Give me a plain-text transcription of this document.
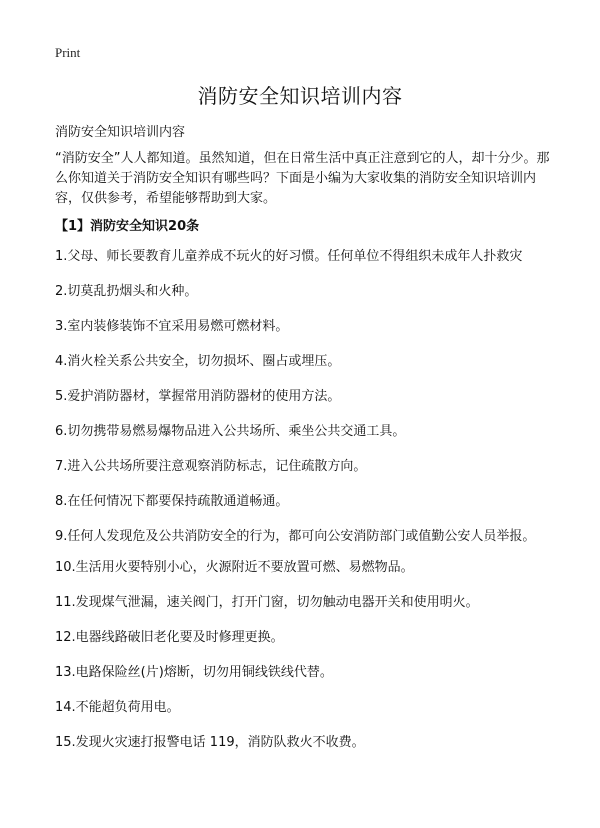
Print
消防安全知识培训内容

消防安全知识培训内容

“消防安全”人人都知道。虽然知道，但在日常生活中真正注意到它的人，却十分少。那么你知道关于消防安全知识有哪些吗？下面是小编为大家收集的消防安全知识培训内容，仅供参考，希望能够帮助到大家。

【1】消防安全知识20条

1.父母、师长要教育儿童养成不玩火的好习惯。任何单位不得组织未成年人扑救灾
2.切莫乱扔烟头和火种。
3.室内装修装饰不宜采用易燃可燃材料。
4.消火栓关系公共安全，切勿损坏、圈占或埋压。
5.爱护消防器材，掌握常用消防器材的使用方法。
6.切勿携带易燃易爆物品进入公共场所、乘坐公共交通工具。
7.进入公共场所要注意观察消防标志，记住疏散方向。
8.在任何情况下都要保持疏散通道畅通。
9.任何人发现危及公共消防安全的行为，都可向公安消防部门或值勤公安人员举报。
10.生活用火要特别小心，火源附近不要放置可燃、易燃物品。
11.发现煤气泄漏，速关阀门，打开门窗，切勿触动电器开关和使用明火。
12.电器线路破旧老化要及时修理更换。
13.电路保险丝(片)熔断，切勿用铜线铁线代替。
14.不能超负荷用电。
15.发现火灾速打报警电话 119，消防队救火不收费。
